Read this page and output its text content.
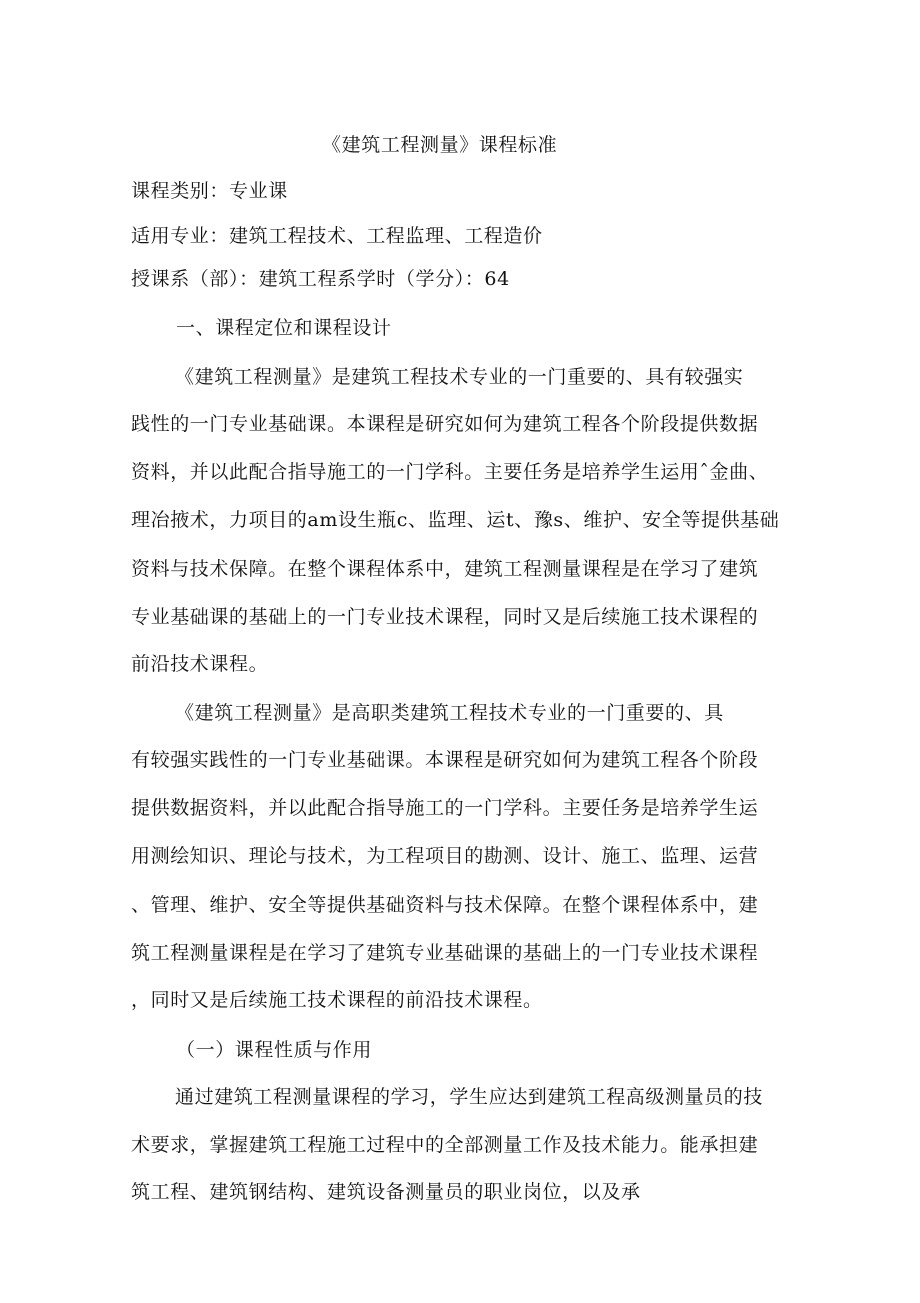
《建筑工程测量》课程标准
课程类别：专业课
适用专业：建筑工程技术、工程监理、工程造价
授课系（部）：建筑工程系学时（学分）：64
一、课程定位和课程设计
《建筑工程测量》是建筑工程技术专业的一门重要的、具有较强实
践性的一门专业基础课。本课程是研究如何为建筑工程各个阶段提供数据
资料，并以此配合指导施工的一门学科。主要任务是培养学生运用ˆ金曲、
理冶掖术，力项目的am设生瓶c、监理、运t、豫s、维护、安全等提供基础
资料与技术保障。在整个课程体系中，建筑工程测量课程是在学习了建筑
专业基础课的基础上的一门专业技术课程，同时又是后续施工技术课程的
前沿技术课程。
《建筑工程测量》是高职类建筑工程技术专业的一门重要的、具
有较强实践性的一门专业基础课。本课程是研究如何为建筑工程各个阶段
提供数据资料，并以此配合指导施工的一门学科。主要任务是培养学生运
用测绘知识、理论与技术，为工程项目的勘测、设计、施工、监理、运营
、管理、维护、安全等提供基础资料与技术保障。在整个课程体系中，建
筑工程测量课程是在学习了建筑专业基础课的基础上的一门专业技术课程
，同时又是后续施工技术课程的前沿技术课程。
（一）课程性质与作用
通过建筑工程测量课程的学习，学生应达到建筑工程高级测量员的技
术要求，掌握建筑工程施工过程中的全部测量工作及技术能力。能承担建
筑工程、建筑钢结构、建筑设备测量员的职业岗位，以及承
